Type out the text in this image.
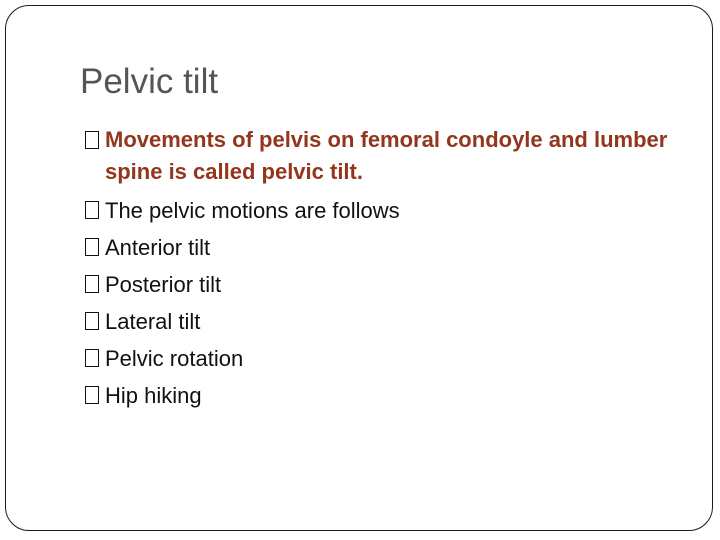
Pelvic tilt
Movements of pelvis on femoral condoyle and lumber spine is called pelvic tilt.
The pelvic motions are follows
Anterior tilt
Posterior tilt
Lateral tilt
Pelvic rotation
Hip hiking
